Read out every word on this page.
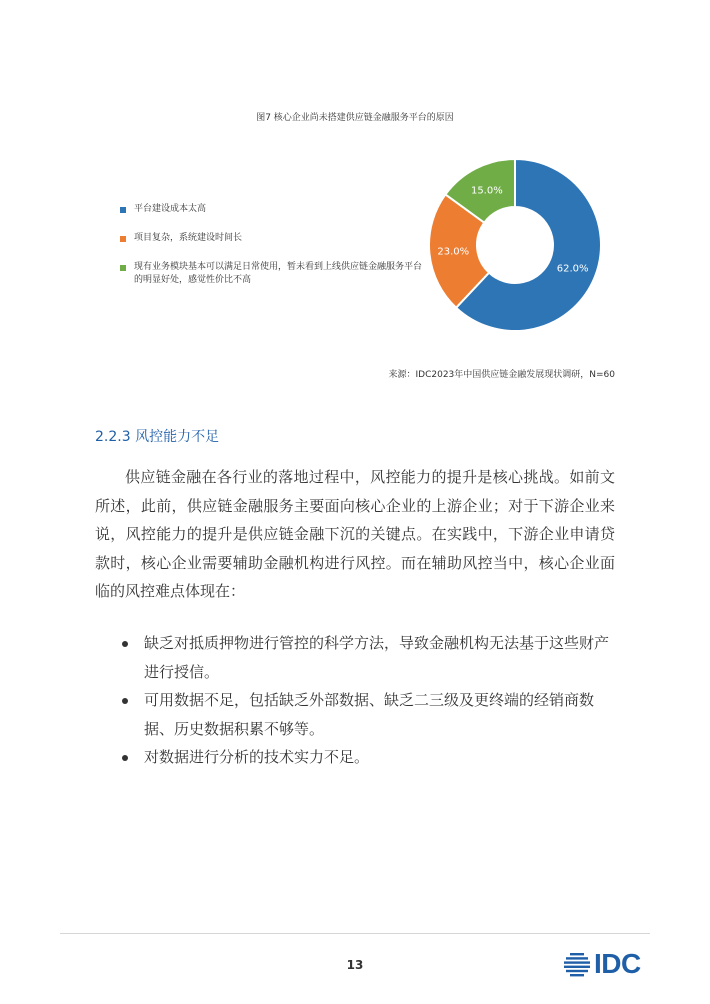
图7 核心企业尚未搭建供应链金融服务平台的原因
平台建设成本太高
项目复杂，系统建设时间长
现有业务模块基本可以满足日常使用，暂未看到上线供应链金融服务平台的明显好处，感觉性价比不高
62.0%
23.0%
15.0%
来源：IDC2023年中国供应链金融发展现状调研，N=60
2.2.3 风控能力不足
供应链金融在各行业的落地过程中，风控能力的提升是核心挑战。如前文所述，此前，供应链金融服务主要面向核心企业的上游企业；对于下游企业来说，风控能力的提升是供应链金融下沉的关键点。在实践中，下游企业申请贷款时，核心企业需要辅助金融机构进行风控。而在辅助风控当中，核心企业面临的风控难点体现在：
缺乏对抵质押物进行管控的科学方法，导致金融机构无法基于这些财产进行授信。
可用数据不足，包括缺乏外部数据、缺乏二三级及更终端的经销商数据、历史数据积累不够等。
对数据进行分析的技术实力不足。
13	IDC
